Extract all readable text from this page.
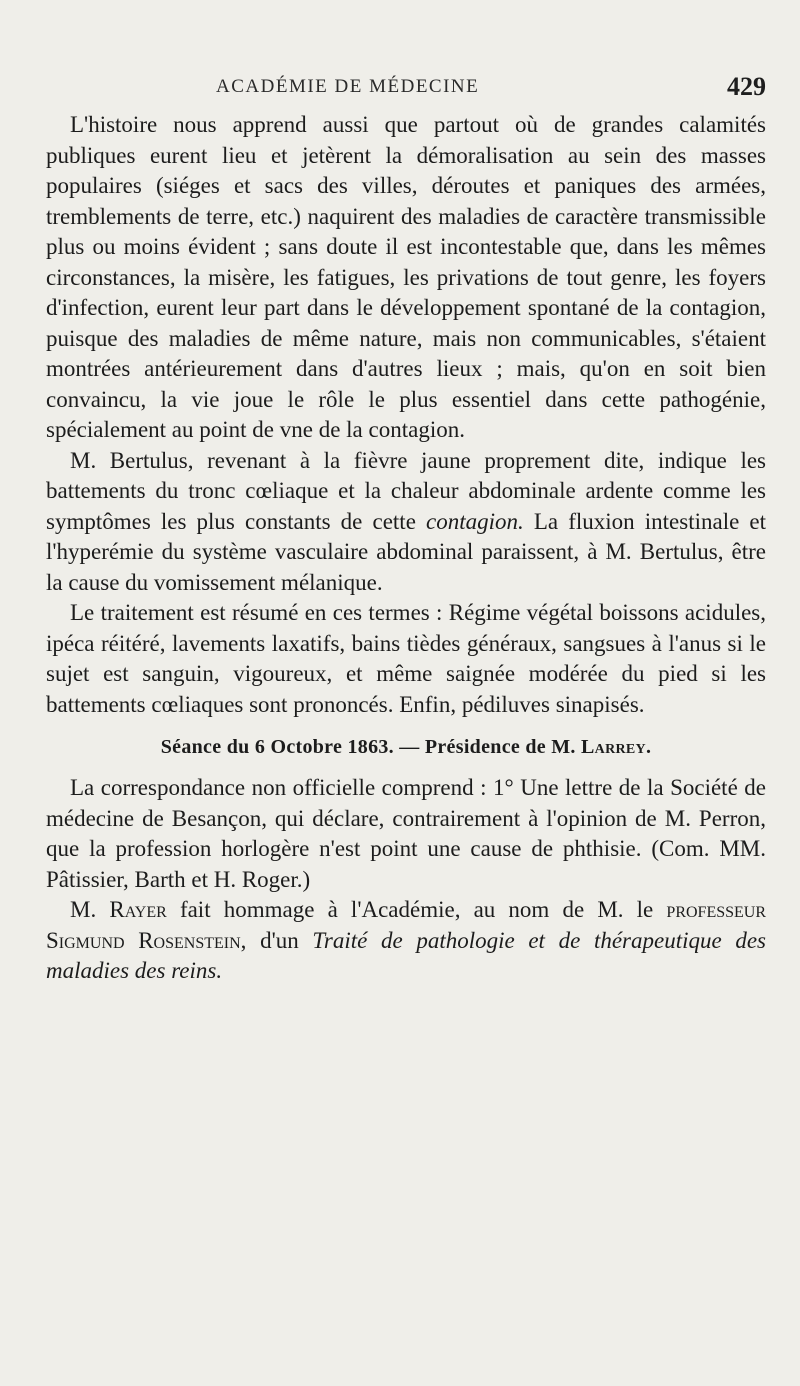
ACADÉMIE DE MÉDECINE	429

L'histoire nous apprend aussi que partout où de grandes calamités publiques eurent lieu et jetèrent la démoralisation au sein des masses populaires (siéges et sacs des villes, déroutes et paniques des armées, tremblements de terre, etc.) naquirent des maladies de caractère transmissible plus ou moins évident ; sans doute il est incontestable que, dans les mêmes circonstances, la misère, les fatigues, les privations de tout genre, les foyers d'infection, eurent leur part dans le développement spontané de la contagion, puisque des maladies de même nature, mais non communicables, s'étaient montrées antérieurement dans d'autres lieux ; mais, qu'on en soit bien convaincu, la vie joue le rôle le plus essentiel dans cette pathogénie, spécialement au point de vne de la contagion.

M. Bertulus, revenant à la fièvre jaune proprement dite, indique les battements du tronc cœliaque et la chaleur abdominale ardente comme les symptômes les plus constants de cette contagion. La fluxion intestinale et l'hyperémie du système vasculaire abdominal paraissent, à M. Bertulus, être la cause du vomissement mélanique.

Le traitement est résumé en ces termes : Régime végétal boissons acidules, ipéca réitéré, lavements laxatifs, bains tièdes généraux, sangsues à l'anus si le sujet est sanguin, vigoureux, et même saignée modérée du pied si les battements cœliaques sont prononcés. Enfin, pédiluves sinapisés.

Séance du 6 Octobre 1863. — Présidence de M. Larrey.

La correspondance non officielle comprend : 1° Une lettre de la Société de médecine de Besançon, qui déclare, contrairement à l'opinion de M. Perron, que la profession horlogère n'est point une cause de phthisie. (Com. MM. Pâtissier, Barth et H. Roger.)

M. Rayer fait hommage à l'Académie, au nom de M. le professeur Sigmund Rosenstein, d'un Traité de pathologie et de thérapeutique des maladies des reins.
